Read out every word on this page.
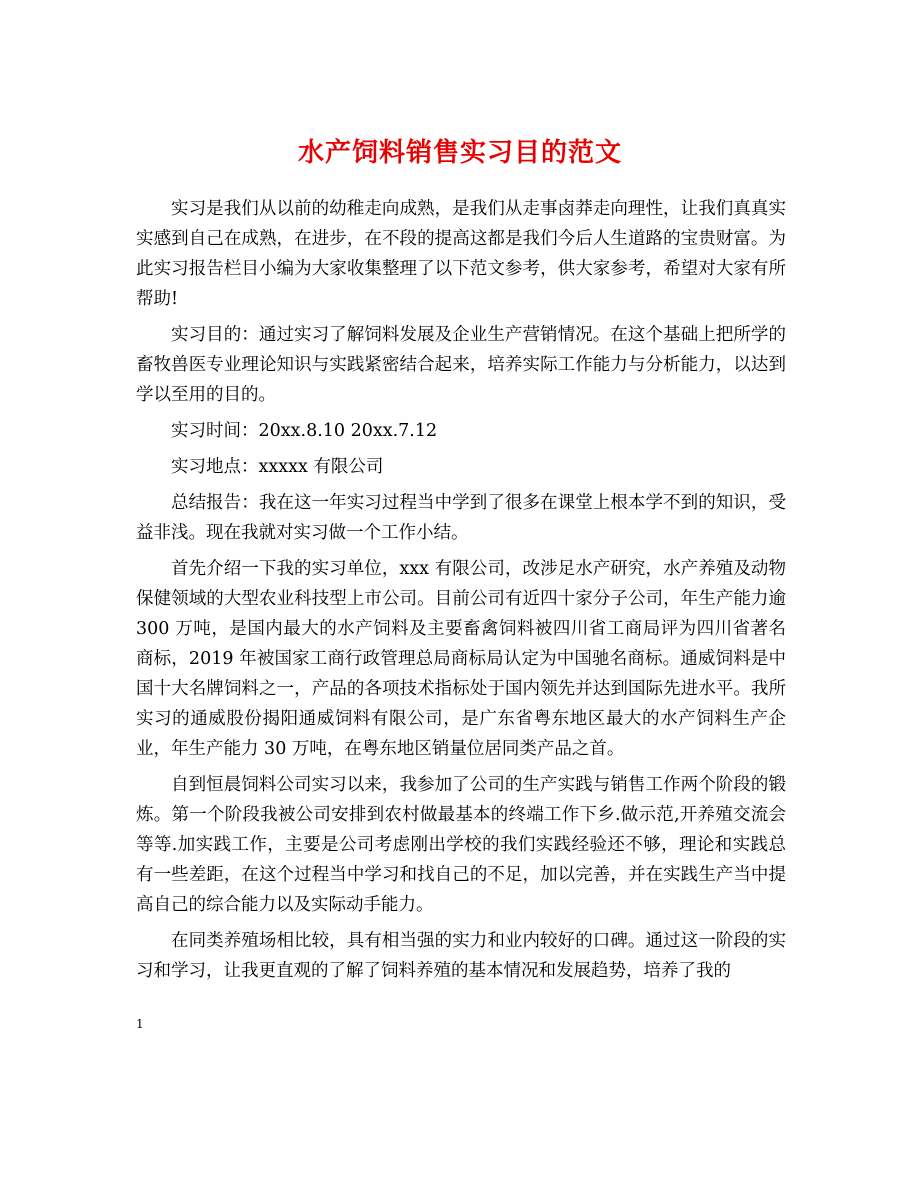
水产饲料销售实习目的范文

实习是我们从以前的幼稚走向成熟，是我们从走事卤莽走向理性，让我们真真实实感到自己在成熟，在进步，在不段的提高这都是我们今后人生道路的宝贵财富。为此实习报告栏目小编为大家收集整理了以下范文参考，供大家参考，希望对大家有所帮助!

实习目的：通过实习了解饲料发展及企业生产营销情况。在这个基础上把所学的畜牧兽医专业理论知识与实践紧密结合起来，培养实际工作能力与分析能力，以达到学以至用的目的。

实习时间：20xx.8.10 20xx.7.12

实习地点：xxxxx 有限公司

总结报告：我在这一年实习过程当中学到了很多在课堂上根本学不到的知识，受益非浅。现在我就对实习做一个工作小结。

首先介绍一下我的实习单位，xxx 有限公司，改涉足水产研究，水产养殖及动物保健领域的大型农业科技型上市公司。目前公司有近四十家分子公司，年生产能力逾 300 万吨，是国内最大的水产饲料及主要畜禽饲料被四川省工商局评为四川省著名商标，2019 年被国家工商行政管理总局商标局认定为中国驰名商标。通威饲料是中国十大名牌饲料之一，产品的各项技术指标处于国内领先并达到国际先进水平。我所实习的通威股份揭阳通威饲料有限公司，是广东省粤东地区最大的水产饲料生产企业，年生产能力 30 万吨，在粤东地区销量位居同类产品之首。

自到恒晨饲料公司实习以来，我参加了公司的生产实践与销售工作两个阶段的锻炼。第一个阶段我被公司安排到农村做最基本的终端工作下乡.做示范,开养殖交流会等等.加实践工作，主要是公司考虑刚出学校的我们实践经验还不够，理论和实践总有一些差距，在这个过程当中学习和找自己的不足，加以完善，并在实践生产当中提高自己的综合能力以及实际动手能力。

在同类养殖场相比较，具有相当强的实力和业内较好的口碑。通过这一阶段的实习和学习，让我更直观的了解了饲料养殖的基本情况和发展趋势，培养了我的

1
